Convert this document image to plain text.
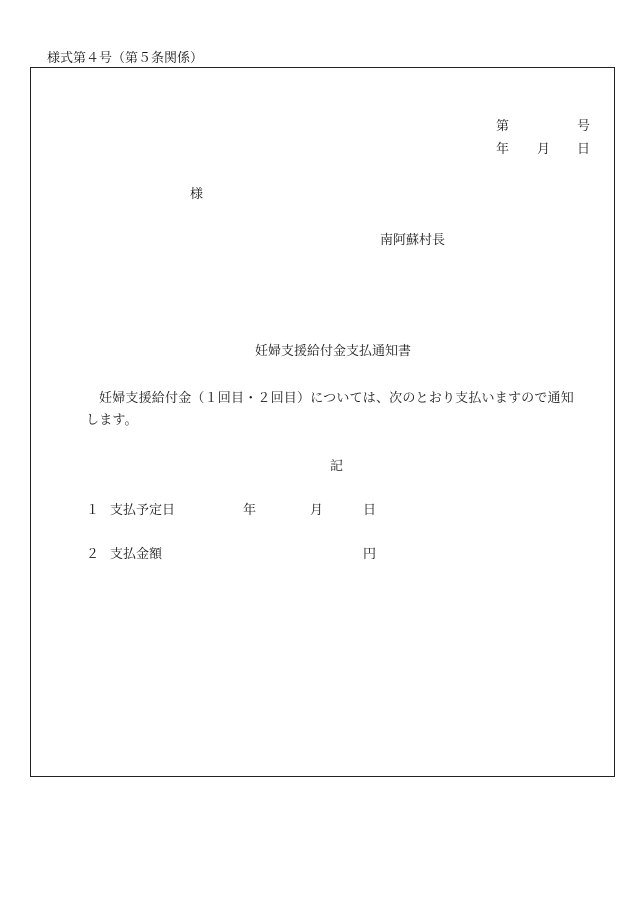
様式第４号（第５条関係）
第	号
年 月 日
様
南阿蘇村長
妊婦支援給付金支払通知書
妊婦支援給付金（１回目・２回目）については、次のとおり支払いますので通知します。
記
１ 支払予定日	年	月	日
２ 支払金額	円
